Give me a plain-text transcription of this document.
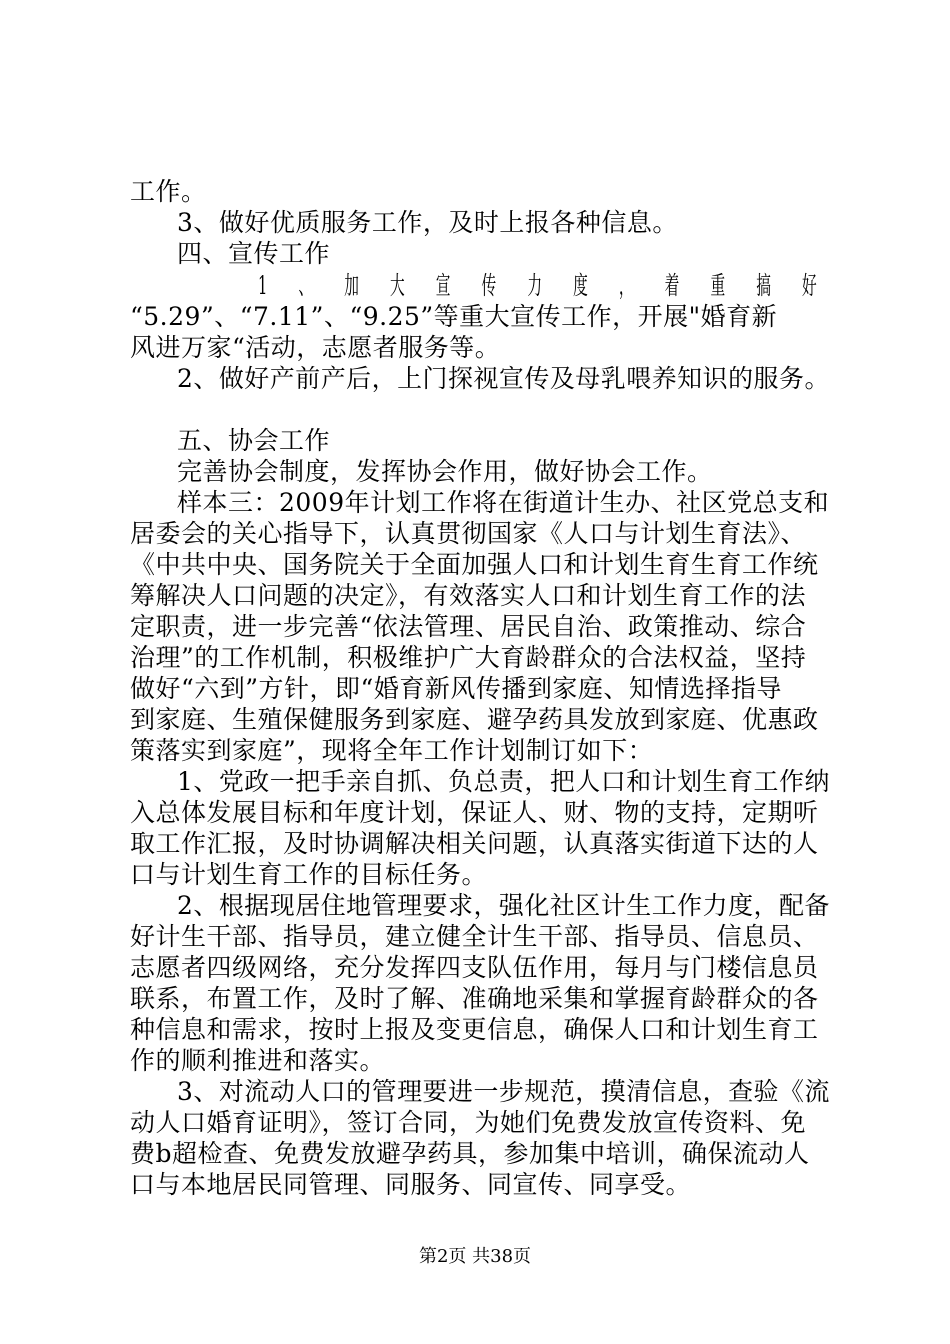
工作。
3、做好优质服务工作，及时上报各种信息。
四、宣传工作
1 、 加 大 宣 传 力 度 ， 着 重 搞 好
“5.29”、“7.11”、“9.25”等重大宣传工作，开展"婚育新
风进万家“活动，志愿者服务等。
2、做好产前产后，上门探视宣传及母乳喂养知识的服务。
五、协会工作
完善协会制度，发挥协会作用，做好协会工作。
样本三：2009年计划工作将在街道计生办、社区党总支和
居委会的关心指导下，认真贯彻国家《人口与计划生育法》、
《中共中央、国务院关于全面加强人口和计划生育生育工作统
筹解决人口问题的决定》，有效落实人口和计划生育工作的法
定职责，进一步完善“依法管理、居民自治、政策推动、综合
治理”的工作机制，积极维护广大育龄群众的合法权益，坚持
做好“六到”方针，即“婚育新风传播到家庭、知情选择指导
到家庭、生殖保健服务到家庭、避孕药具发放到家庭、优惠政
策落实到家庭”，现将全年工作计划制订如下：
1、党政一把手亲自抓、负总责，把人口和计划生育工作纳
入总体发展目标和年度计划，保证人、财、物的支持，定期听
取工作汇报，及时协调解决相关问题，认真落实街道下达的人
口与计划生育工作的目标任务。
2、根据现居住地管理要求，强化社区计生工作力度，配备
好计生干部、指导员，建立健全计生干部、指导员、信息员、
志愿者四级网络，充分发挥四支队伍作用，每月与门楼信息员
联系，布置工作，及时了解、准确地采集和掌握育龄群众的各
种信息和需求，按时上报及变更信息，确保人口和计划生育工
作的顺利推进和落实。
3、对流动人口的管理要进一步规范，摸清信息，查验《流
动人口婚育证明》，签订合同，为她们免费发放宣传资料、免
费b超检查、免费发放避孕药具，参加集中培训，确保流动人
口与本地居民同管理、同服务、同宣传、同享受。
第2页 共38页
